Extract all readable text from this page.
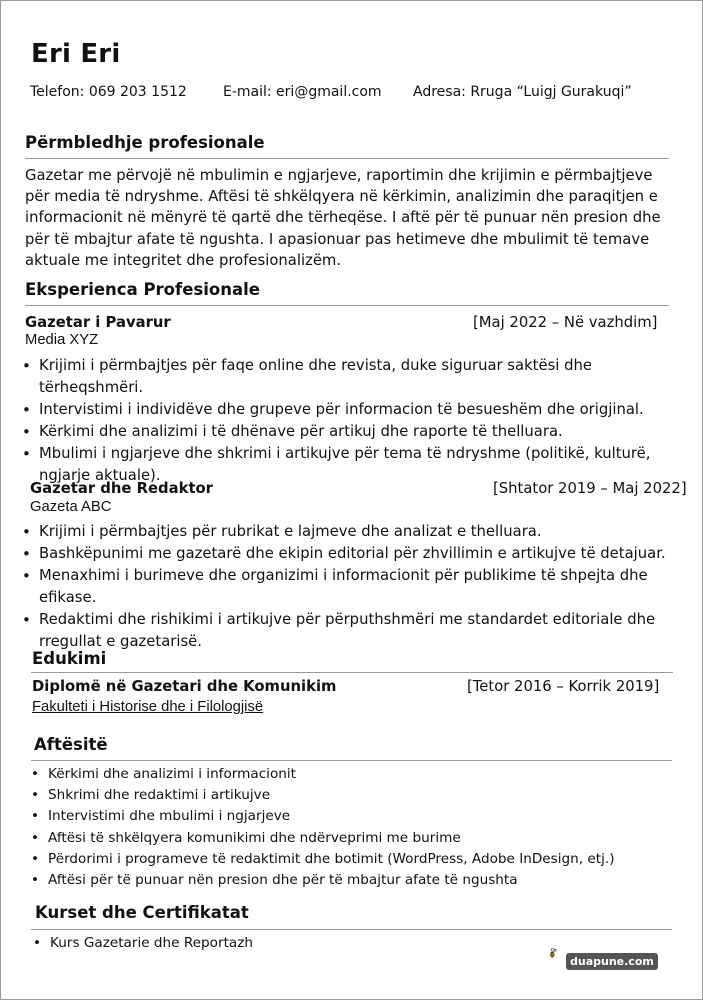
Eri Eri
Telefon: 069 203 1512	E-mail: eri@gmail.com Adresa: Rruga “Luigj Gurakuqi”
Përmbledhje profesionale
Gazetar me përvojë në mbulimin e ngjarjeve, raportimin dhe krijimin e përmbajtjeve për media të ndryshme. Aftësi të shkëlqyera në kërkimin, analizimin dhe paraqitjen e informacionit në mënyrë të qartë dhe tërheqëse. I aftë për të punuar nën presion dhe për të mbajtur afate të ngushta. I apasionuar pas hetimeve dhe mbulimit të temave aktuale me integritet dhe profesionalizëm.
Eksperienca Profesionale
Gazetar i Pavarur	[Maj 2022 – Në vazhdim]
Media XYZ
• Krijimi i përmbajtjes për faqe online dhe revista, duke siguruar saktësi dhe tërheqshmëri.
• Intervistimi i individëve dhe grupeve për informacion të besueshëm dhe origjinal.
• Kërkimi dhe analizimi i të dhënave për artikuj dhe raporte të thelluara.
• Mbulimi i ngjarjeve dhe shkrimi i artikujve për tema të ndryshme (politikë, kulturë, ngjarje aktuale).
Gazetar dhe Redaktor	[Shtator 2019 – Maj 2022]
Gazeta ABC
• Krijimi i përmbajtjes për rubrikat e lajmeve dhe analizat e thelluara.
• Bashkëpunimi me gazetarë dhe ekipin editorial për zhvillimin e artikujve të detajuar.
• Menaxhimi i burimeve dhe organizimi i informacionit për publikime të shpejta dhe efikase.
• Redaktimi dhe rishikimi i artikujve për përputhshmëri me standardet editoriale dhe rregullat e gazetarisë.
Edukimi
Diplomë në Gazetari dhe Komunikim	[Tetor 2016 – Korrik 2019]
Fakulteti i Historise dhe i Filologjisë
Aftësitë
• Kërkimi dhe analizimi i informacionit
• Shkrimi dhe redaktimi i artikujve
• Intervistimi dhe mbulimi i ngjarjeve
• Aftësi të shkëlqyera komunikimi dhe ndërveprimi me burime
• Përdorimi i programeve të redaktimit dhe botimit (WordPress, Adobe InDesign, etj.)
• Aftësi për të punuar nën presion dhe për të mbajtur afate të ngushta
Kurset dhe Certifikatat
• Kurs Gazetarie dhe Reportazh
duapune.com
